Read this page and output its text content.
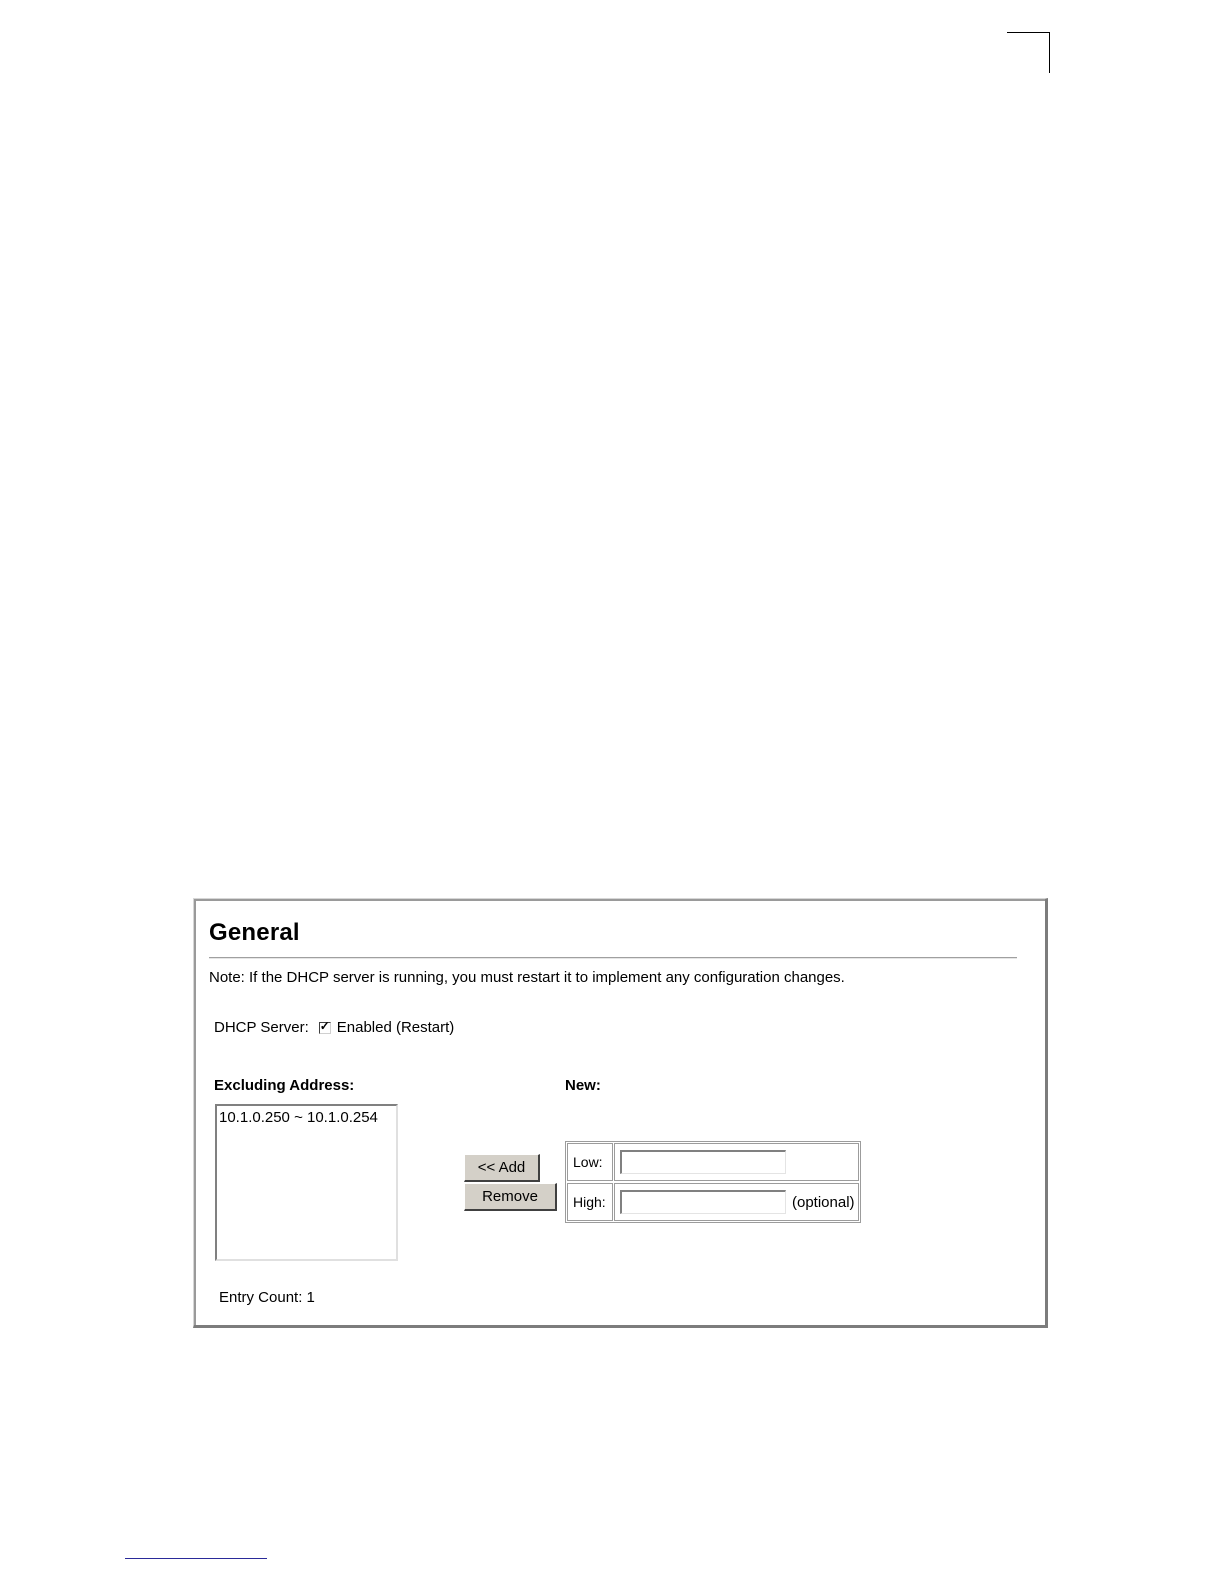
General
Note: If the DHCP server is running, you must restart it to implement any configuration changes.
DHCP Server: ✓ Enabled (Restart)
Excluding Address:	New:
10.1.0.250 ~ 10.1.0.254
<< Add
Remove
Low:
High:	(optional)
Entry Count: 1
